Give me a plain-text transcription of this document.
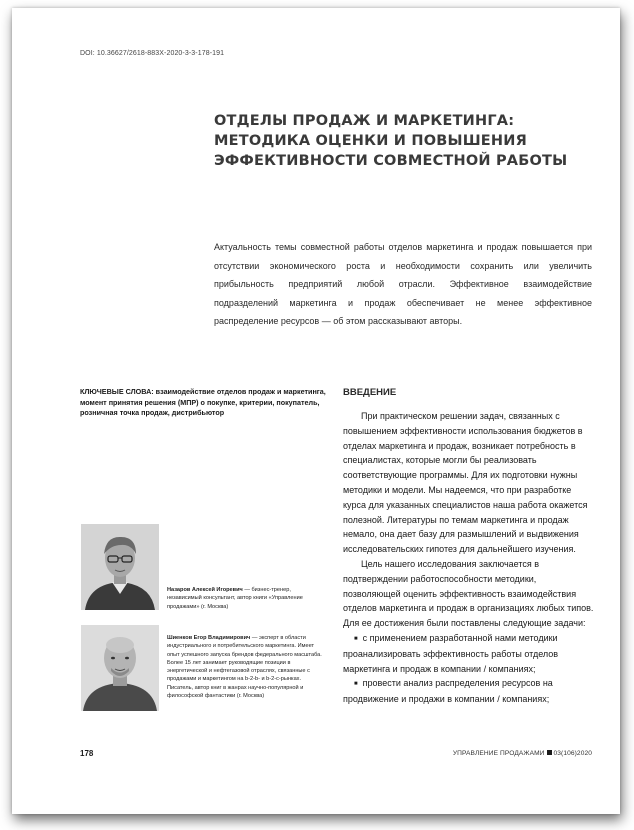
DOI: 10.36627/2618-883X-2020-3-3-178-191
ОТДЕЛЫ ПРОДАЖ И МАРКЕТИНГА:
МЕТОДИКА ОЦЕНКИ И ПОВЫШЕНИЯ
ЭФФЕКТИВНОСТИ СОВМЕСТНОЙ РАБОТЫ

Актуальность темы совместной работы отделов маркетинга и продаж повышается при отсутствии экономического роста и необходимости сохранить или увеличить прибыльность предприятий любой отрасли. Эффективное взаимодействие подразделений маркетинга и продаж обеспечивает не менее эффективное распределение ресурсов — об этом рассказывают авторы.

КЛЮЧЕВЫЕ СЛОВА: взаимодействие отделов продаж и маркетинга, момент принятия решения (МПР) о покупке, критерии, покупатель, розничная точка продаж, дистрибьютор

Назаров Алексей Игоревич — бизнес-тренер, независимый консультант, автор книги «Управление продажами» (г. Москва)

Шиенков Егор Владимирович — эксперт в области индустриального и потребительского маркетинга. Имеет опыт успешного запуска брендов федерального масштаба. Более 15 лет занимает руководящие позиции в энергетической и нефтегазовой отраслях, связанные с продажами и маркетингом на b-2-b- и b-2-c-рынках. Писатель, автор книг в жанрах научно-популярной и философской фантастики (г. Москва)

ВВЕДЕНИЕ

При практическом решении задач, связанных с повышением эффективности использования бюджетов в отделах маркетинга и продаж, возникает потребность в специалистах, которые могли бы реализовать соответствующие программы. Для их подготовки нужны методики и модели. Мы надеемся, что при разработке курса для указанных специалистов наша работа окажется полезной. Литературы по темам маркетинга и продаж немало, она дает базу для размышлений и выдвижения исследовательских гипотез для дальнейшего изучения.

Цель нашего исследования заключается в подтверждении работоспособности методики, позволяющей оценить эффективность взаимодействия отделов маркетинга и продаж в организациях любых типов. Для ее достижения были поставлены следующие задачи:

■ с применением разработанной нами методики проанализировать эффективность работы отделов маркетинга и продаж в компании / компаниях;

■ провести анализ распределения ресурсов на продвижение и продажи в компании / компаниях;

178	УПРАВЛЕНИЕ ПРОДАЖАМИ 03(106)2020
